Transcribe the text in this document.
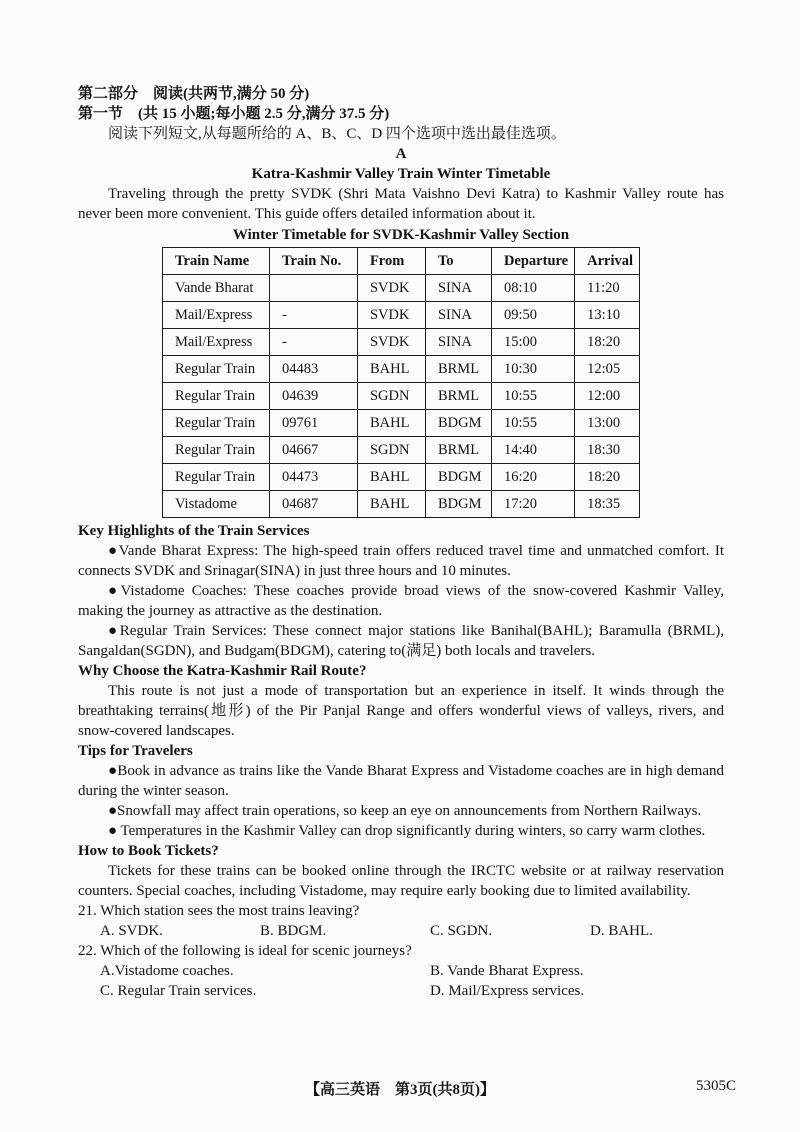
第二部分　阅读(共两节,满分 50 分)

第一节　(共 15 小题;每小题 2.5 分,满分 37.5 分)

阅读下列短文,从每题所给的 A、B、C、D 四个选项中选出最佳选项。

A

Katra-Kashmir Valley Train Winter Timetable

Traveling through the pretty SVDK (Shri Mata Vaishno Devi Katra) to Kashmir Valley route has never been more convenient. This guide offers detailed information about it.

Winter Timetable for SVDK-Kashmir Valley Section

Train Name	Train No.	From	To	Departure	Arrival
Vande Bharat		SVDK	SINA	08:10	11:20
Mail/Express	-	SVDK	SINA	09:50	13:10
Mail/Express	-	SVDK	SINA	15:00	18:20
Regular Train	04483	BAHL	BRML	10:30	12:05
Regular Train	04639	SGDN	BRML	10:55	12:00
Regular Train	09761	BAHL	BDGM	10:55	13:00
Regular Train	04667	SGDN	BRML	14:40	18:30
Regular Train	04473	BAHL	BDGM	16:20	18:20
Vistadome	04687	BAHL	BDGM	17:20	18:35

Key Highlights of the Train Services

●Vande Bharat Express: The high-speed train offers reduced travel time and unmatched comfort. It connects SVDK and Srinagar(SINA) in just three hours and 10 minutes.

●Vistadome Coaches: These coaches provide broad views of the snow-covered Kashmir Valley, making the journey as attractive as the destination.

●Regular Train Services: These connect major stations like Banihal(BAHL); Baramulla (BRML), Sangaldan(SGDN), and Budgam(BDGM), catering to(满足) both locals and travelers.

Why Choose the Katra-Kashmir Rail Route?

This route is not just a mode of transportation but an experience in itself. It winds through the breathtaking terrains(地形) of the Pir Panjal Range and offers wonderful views of valleys, rivers, and snow-covered landscapes.

Tips for Travelers

●Book in advance as trains like the Vande Bharat Express and Vistadome coaches are in high demand during the winter season.

●Snowfall may affect train operations, so keep an eye on announcements from Northern Railways.

● Temperatures in the Kashmir Valley can drop significantly during winters, so carry warm clothes.

How to Book Tickets?

Tickets for these trains can be booked online through the IRCTC website or at railway reservation counters. Special coaches, including Vistadome, may require early booking due to limited availability.

21. Which station sees the most trains leaving?

A. SVDK.	B. BDGM.	C. SGDN.	D. BAHL.

22. Which of the following is ideal for scenic journeys?

A.Vistadome coaches.	B. Vande Bharat Express.
C. Regular Train services.	D. Mail/Express services.
【高三英语　第3页(共8页)】	5305C
